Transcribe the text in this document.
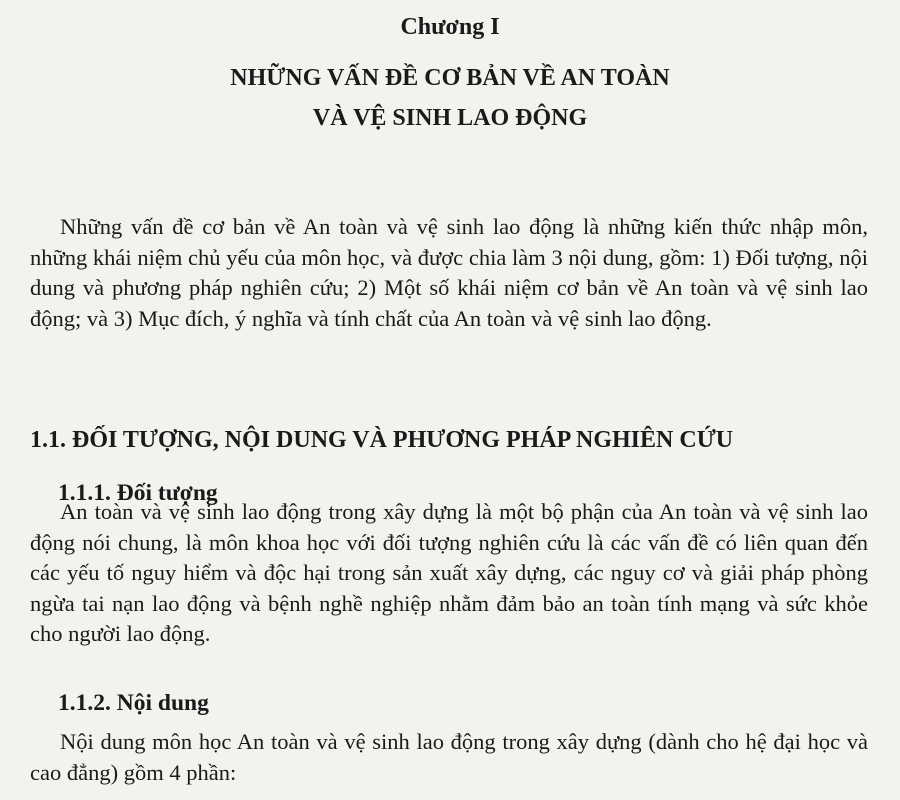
Chương I
NHỮNG VẤN ĐỀ CƠ BẢN VỀ AN TOÀN
VÀ VỆ SINH LAO ĐỘNG

Những vấn đề cơ bản về An toàn và vệ sinh lao động là những kiến thức nhập môn, những khái niệm chủ yếu của môn học, và được chia làm 3 nội dung, gồm: 1) Đối tượng, nội dung và phương pháp nghiên cứu; 2) Một số khái niệm cơ bản về An toàn và vệ sinh lao động; và 3) Mục đích, ý nghĩa và tính chất của An toàn và vệ sinh lao động.

1.1. ĐỐI TƯỢNG, NỘI DUNG VÀ PHƯƠNG PHÁP NGHIÊN CỨU
1.1.1. Đối tượng

An toàn và vệ sinh lao động trong xây dựng là một bộ phận của An toàn và vệ sinh lao động nói chung, là môn khoa học với đối tượng nghiên cứu là các vấn đề có liên quan đến các yếu tố nguy hiểm và độc hại trong sản xuất xây dựng, các nguy cơ và giải pháp phòng ngừa tai nạn lao động và bệnh nghề nghiệp nhằm đảm bảo an toàn tính mạng và sức khỏe cho người lao động.

1.1.2. Nội dung

Nội dung môn học An toàn và vệ sinh lao động trong xây dựng (dành cho hệ đại học và cao đẳng) gồm 4 phần:
